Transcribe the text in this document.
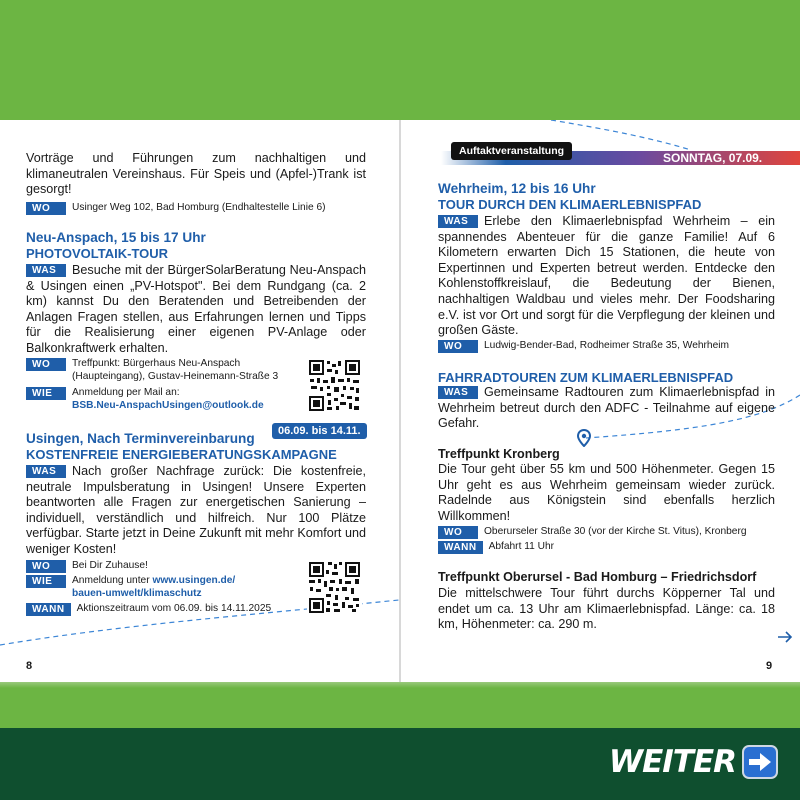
Vorträge und Führungen zum nachhaltigen und klimaneutralen Vereinshaus. Für Speis und (Apfel-)Trank ist gesorgt!
WO	Usinger Weg 102, Bad Homburg (Endhaltestelle Linie 6)
Neu-Anspach, 15 bis 17 Uhr
PHOTOVOLTAIK-TOUR
WAS Besuche mit der BürgerSolarBeratung Neu-Anspach & Usingen einen „PV-Hotspot". Bei dem Rundgang (ca. 2 km) kannst Du den Beratenden und Betreibenden der Anlagen Fragen stellen, aus Erfahrungen lernen und Tipps für die Realisierung einer eigenen PV-Anlage oder Balkonkraftwerk erhalten.
WO	Treffpunkt: Bürgerhaus Neu-Anspach (Haupteingang), Gustav-Heinemann-Straße 3
WIE	Anmeldung per Mail an:
BSB.Neu-AnspachUsingen@outlook.de
Usingen, Nach Terminvereinbarung	06.09. bis 14.11.
KOSTENFREIE ENERGIEBERATUNGSKAMPAGNE
WAS Nach großer Nachfrage zurück: Die kostenfreie, neutrale Impulsberatung in Usingen! Unsere Experten beantworten alle Fragen zur energetischen Sanierung – individuell, verständlich und hilfreich. Nur 100 Plätze verfügbar. Starte jetzt in Deine Zukunft mit mehr Komfort und weniger Kosten!
WO	Bei Dir Zuhause!
WIE	Anmeldung unter www.usingen.de/ bauen-umwelt/klimaschutz
WANN	Aktionszeitraum vom 06.09. bis 14.11.2025
8
Auftaktveranstaltung	SONNTAG, 07.09.
Wehrheim, 12 bis 16 Uhr
TOUR DURCH DEN KLIMAERLEBNISPFAD
WAS Erlebe den Klimaerlebnispfad Wehrheim – ein spannendes Abenteuer für die ganze Familie! Auf 6 Kilometern erwarten Dich 15 Stationen, die heute von Expertinnen und Experten betreut werden. Entdecke den Kohlenstoffkreislauf, die Bedeutung der Bienen, nachhaltigen Waldbau und vieles mehr. Der Foodsharing e.V. ist vor Ort und sorgt für die Verpflegung der kleinen und großen Gäste.
WO	Ludwig-Bender-Bad, Rodheimer Straße 35, Wehrheim
FAHRRADTOUREN ZUM KLIMAERLEBNISPFAD
WAS Gemeinsame Radtouren zum Klimaerlebnispfad in Wehrheim betreut durch den ADFC - Teilnahme auf eigene Gefahr.
Treffpunkt Kronberg
Die Tour geht über 55 km und 500 Höhenmeter. Gegen 15 Uhr geht es aus Wehrheim gemeinsam wieder zurück. Radelnde aus Königstein sind ebenfalls herzlich Willkommen!
WO	Oberurseler Straße 30 (vor der Kirche St. Vitus), Kronberg
WANN	Abfahrt 11 Uhr
Treffpunkt Oberursel - Bad Homburg – Friedrichsdorf
Die mittelschwere Tour führt durchs Köpperner Tal und endet um ca. 13 Uhr am Klimaerlebnispfad. Länge: ca. 18 km, Höhenmeter: ca. 290 m.
9
WEITER
